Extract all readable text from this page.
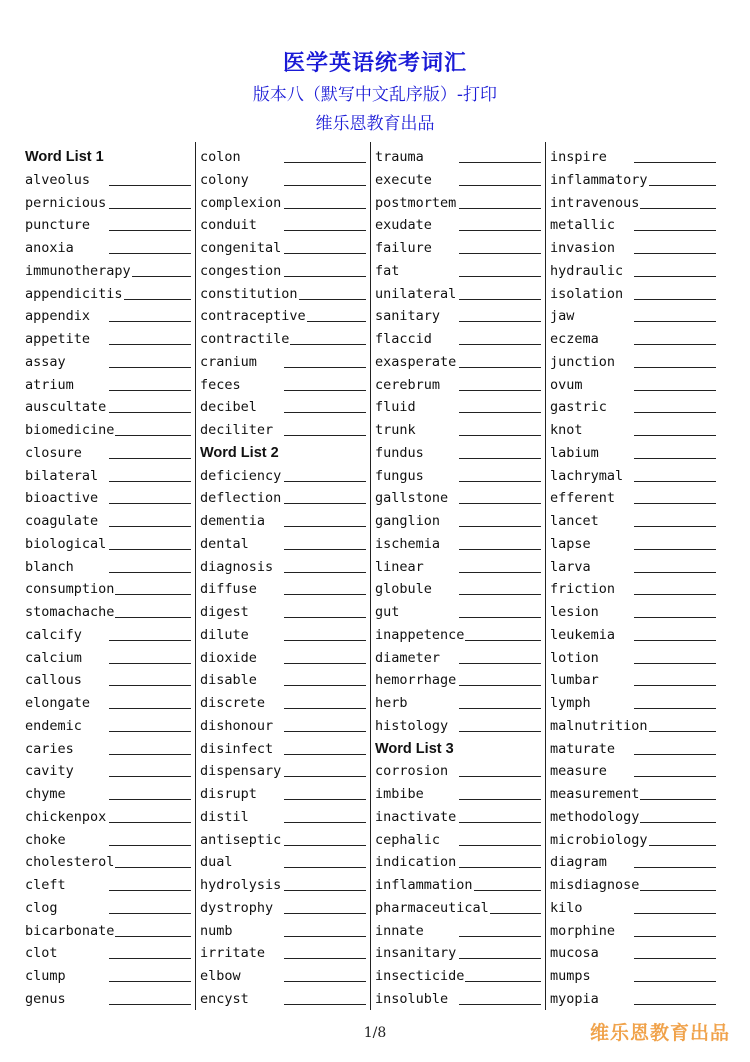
医学英语统考词汇
版本八（默写中文乱序版）-打印
维乐恩教育出品
Word List 1
alveolus
pernicious
puncture
anoxia
immunotherapy
appendicitis
appendix
appetite
assay
atrium
auscultate
biomedicine
closure
bilateral
bioactive
coagulate
biological
blanch
consumption
stomachache
calcify
calcium
callous
elongate
endemic
caries
cavity
chyme
chickenpox
choke
cholesterol
cleft
clog
bicarbonate
clot
clump
genus
colon
colony
complexion
conduit
congenital
congestion
constitution
contraceptive
contractile
cranium
feces
decibel
deciliter
Word List 2
deficiency
deflection
dementia
dental
diagnosis
diffuse
digest
dilute
dioxide
disable
discrete
dishonour
disinfect
dispensary
disrupt
distil
antiseptic
dual
hydrolysis
dystrophy
numb
irritate
elbow
encyst
trauma
execute
postmortem
exudate
failure
fat
unilateral
sanitary
flaccid
exasperate
cerebrum
fluid
trunk
fundus
fungus
gallstone
ganglion
ischemia
linear
globule
gut
inappetence
diameter
hemorrhage
herb
histology
Word List 3
corrosion
imbibe
inactivate
cephalic
indication
inflammation
pharmaceutical
innate
insanitary
insecticide
insoluble
inspire
inflammatory
intravenous
metallic
invasion
hydraulic
isolation
jaw
eczema
junction
ovum
gastric
knot
labium
lachrymal
efferent
lancet
lapse
larva
friction
lesion
leukemia
lotion
lumbar
lymph
malnutrition
maturate
measure
measurement
methodology
microbiology
diagram
misdiagnose
kilo
morphine
mucosa
mumps
myopia
1/8	维乐恩教育出品
